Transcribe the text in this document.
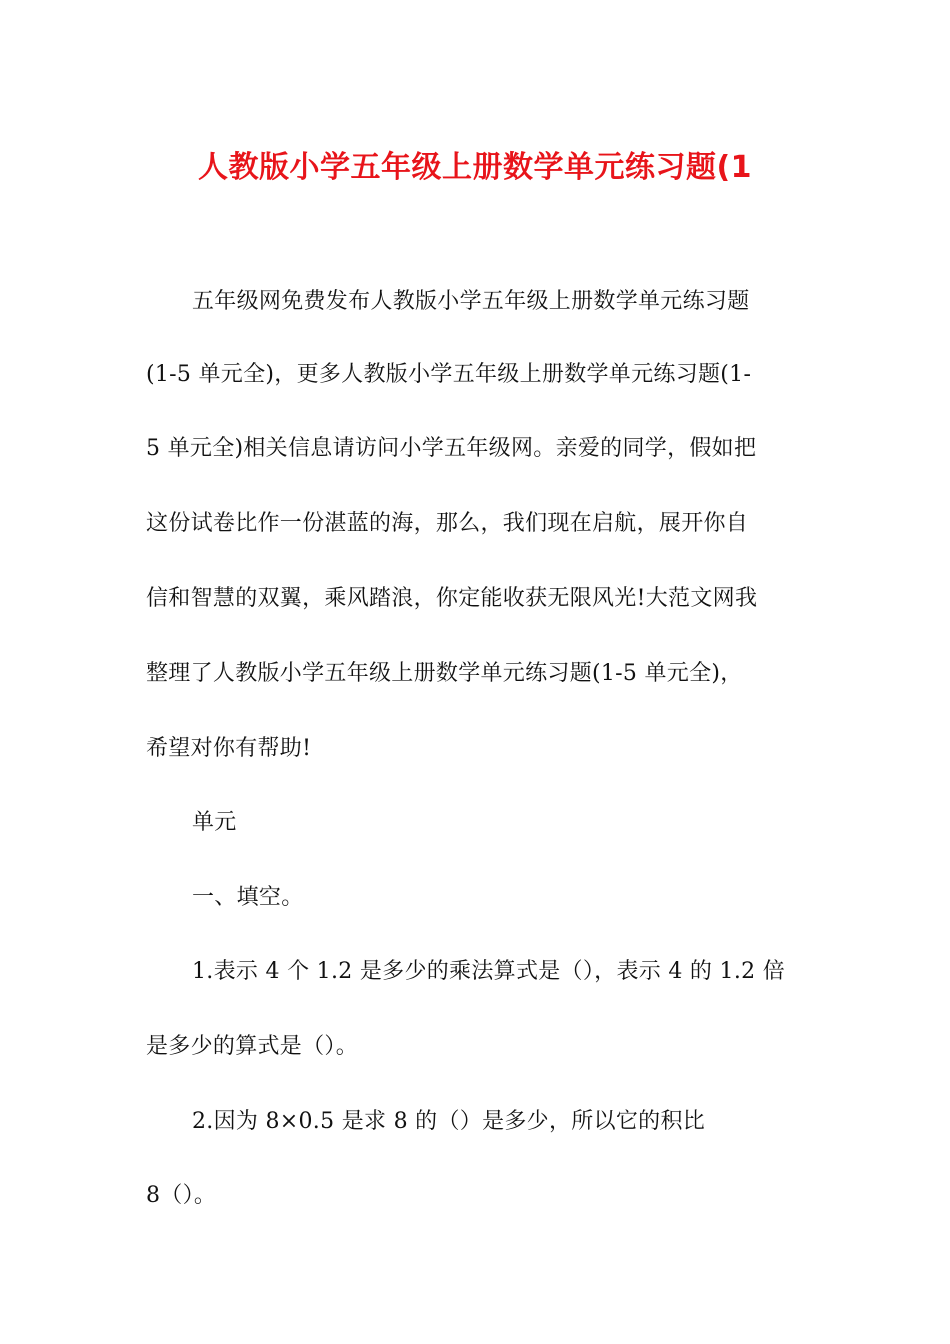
人教版小学五年级上册数学单元练习题(1

五年级网免费发布人教版小学五年级上册数学单元练习题

(1-5 单元全)，更多人教版小学五年级上册数学单元练习题(1-

5 单元全)相关信息请访问小学五年级网。亲爱的同学，假如把

这份试卷比作一份湛蓝的海，那么，我们现在启航，展开你自

信和智慧的双翼，乘风踏浪，你定能收获无限风光!大范文网我

整理了人教版小学五年级上册数学单元练习题(1-5 单元全)，

希望对你有帮助!

单元

一、填空。

1.表示 4 个 1.2 是多少的乘法算式是（），表示 4 的 1.2 倍

是多少的算式是（）。

2.因为 8×0.5 是求 8 的（）是多少，所以它的积比

8（）。
